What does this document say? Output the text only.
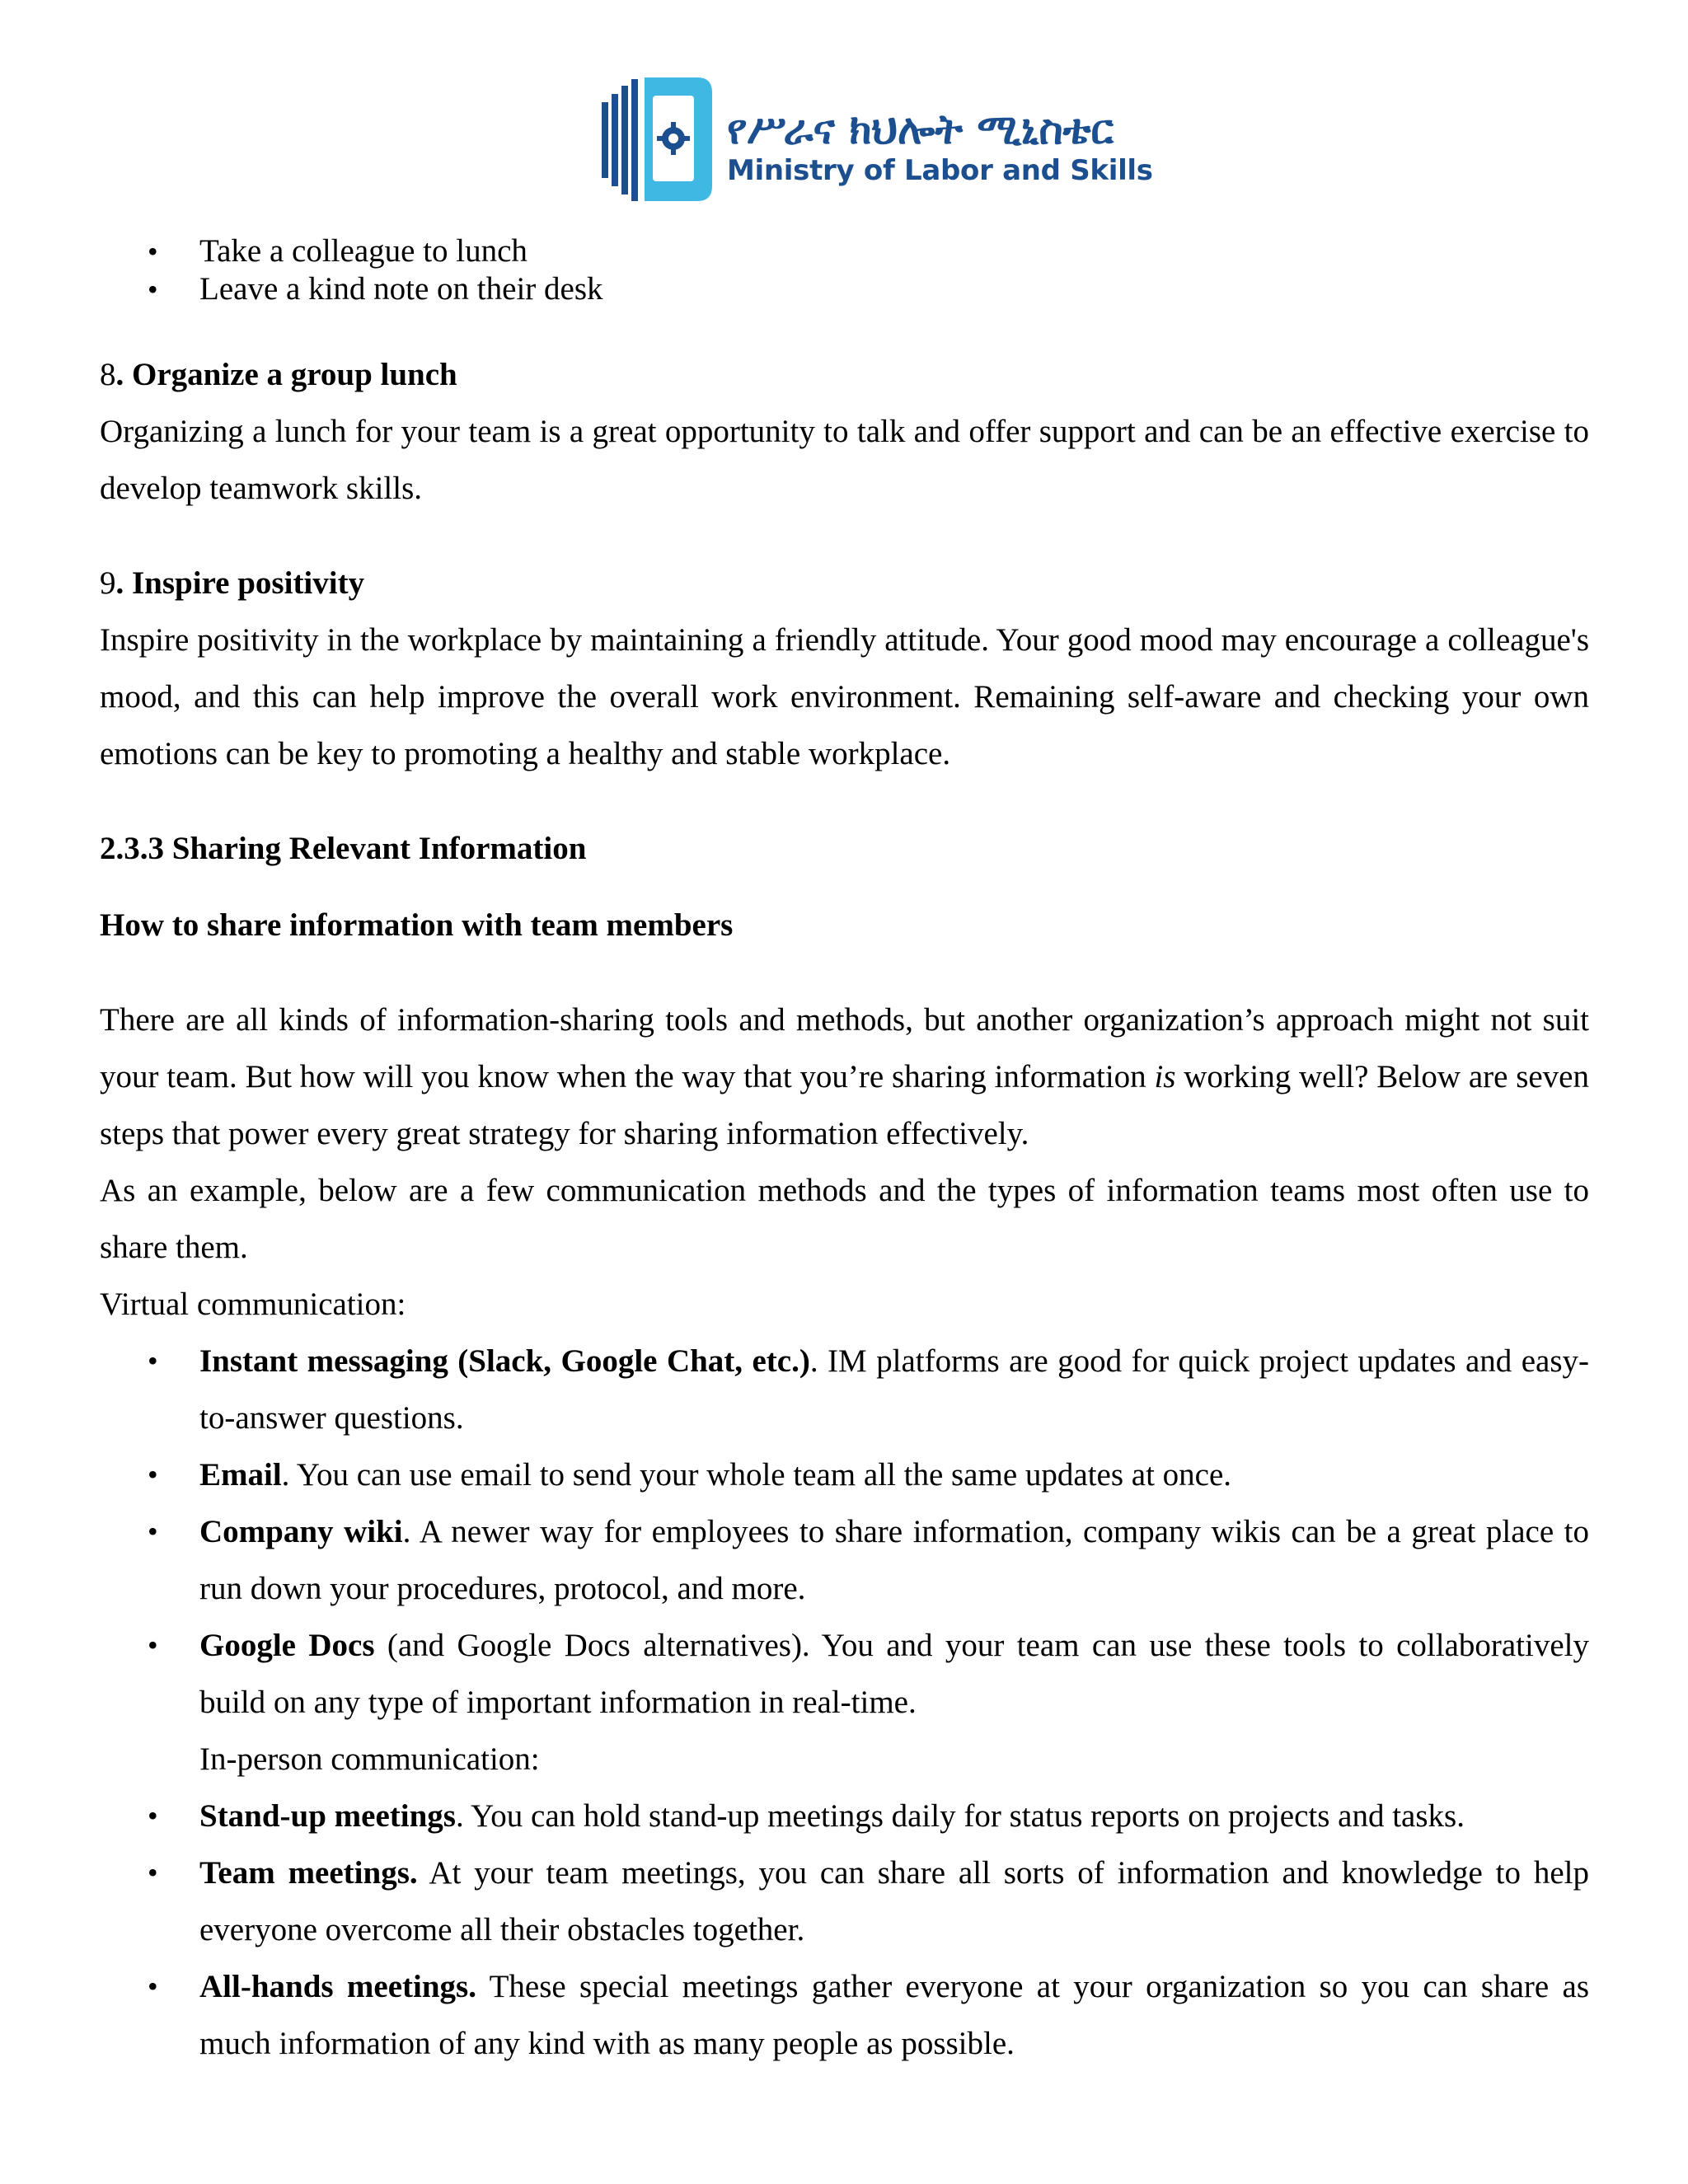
የሥራና ክህሎት ሚኒስቴር
Ministry of Labor and Skills
• Take a colleague to lunch
• Leave a kind note on their desk

8. Organize a group lunch

Organizing a lunch for your team is a great opportunity to talk and offer support and can be an effective exercise to develop teamwork skills.

9. Inspire positivity

Inspire positivity in the workplace by maintaining a friendly attitude. Your good mood may encourage a colleague's mood, and this can help improve the overall work environment. Remaining self-aware and checking your own emotions can be key to promoting a healthy and stable workplace.

2.3.3 Sharing Relevant Information

How to share information with team members

There are all kinds of information-sharing tools and methods, but another organization’s approach might not suit your team. But how will you know when the way that you’re sharing information is working well? Below are seven steps that power every great strategy for sharing information effectively.

As an example, below are a few communication methods and the types of information teams most often use to share them.

Virtual communication:

• Instant messaging (Slack, Google Chat, etc.). IM platforms are good for quick project updates and easy-to-answer questions.
• Email. You can use email to send your whole team all the same updates at once.
• Company wiki. A newer way for employees to share information, company wikis can be a great place to run down your procedures, protocol, and more.
• Google Docs (and Google Docs alternatives). You and your team can use these tools to collaboratively build on any type of important information in real-time.

In-person communication:

• Stand-up meetings. You can hold stand-up meetings daily for status reports on projects and tasks.
• Team meetings. At your team meetings, you can share all sorts of information and knowledge to help everyone overcome all their obstacles together.
• All-hands meetings. These special meetings gather everyone at your organization so you can share as much information of any kind with as many people as possible.
